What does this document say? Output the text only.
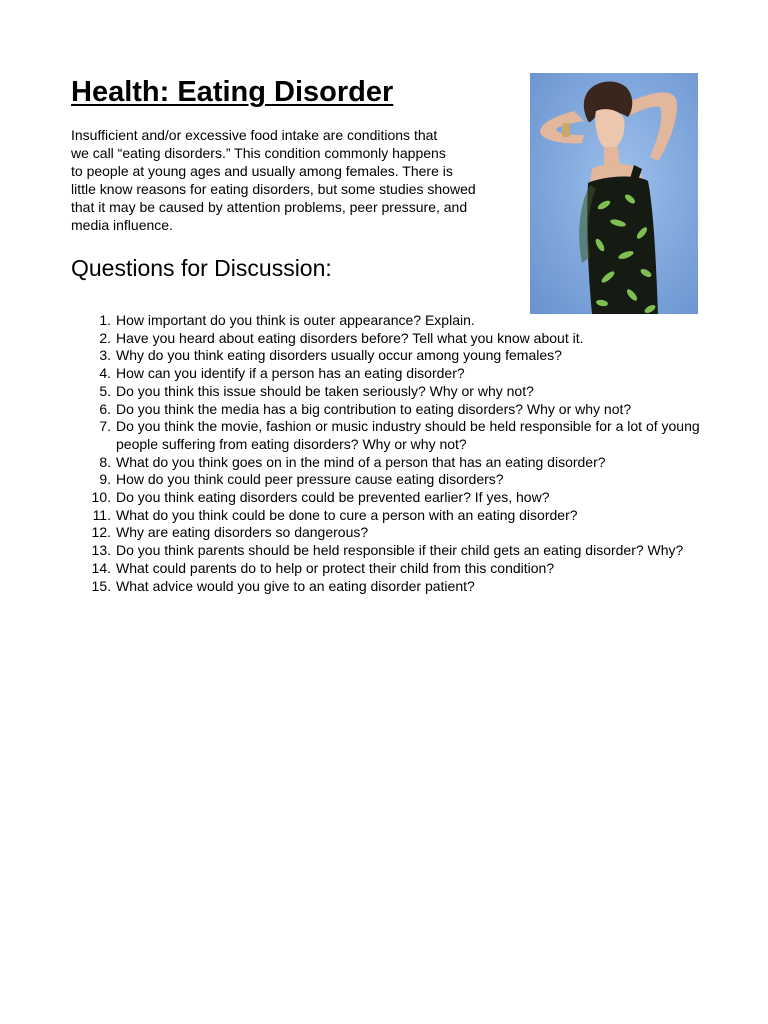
Health: Eating Disorder

Insufficient and/or excessive food intake are conditions that
we call “eating disorders.” This condition commonly happens
to people at young ages and usually among females. There is
little know reasons for eating disorders, but some studies showed
that it may be caused by attention problems, peer pressure, and
media influence.

Questions for Discussion:
1. How important do you think is outer appearance? Explain.
2. Have you heard about eating disorders before? Tell what you know about it.
3. Why do you think eating disorders usually occur among young females?
4. How can you identify if a person has an eating disorder?
5. Do you think this issue should be taken seriously? Why or why not?
6. Do you think the media has a big contribution to eating disorders? Why or why not?
7. Do you think the movie, fashion or music industry should be held responsible for a lot of young people suffering from eating disorders? Why or why not?
8. What do you think goes on in the mind of a person that has an eating disorder?
9. How do you think could peer pressure cause eating disorders?
10. Do you think eating disorders could be prevented earlier? If yes, how?
11. What do you think could be done to cure a person with an eating disorder?
12. Why are eating disorders so dangerous?
13. Do you think parents should be held responsible if their child gets an eating disorder? Why?
14. What could parents do to help or protect their child from this condition?
15. What advice would you give to an eating disorder patient?
